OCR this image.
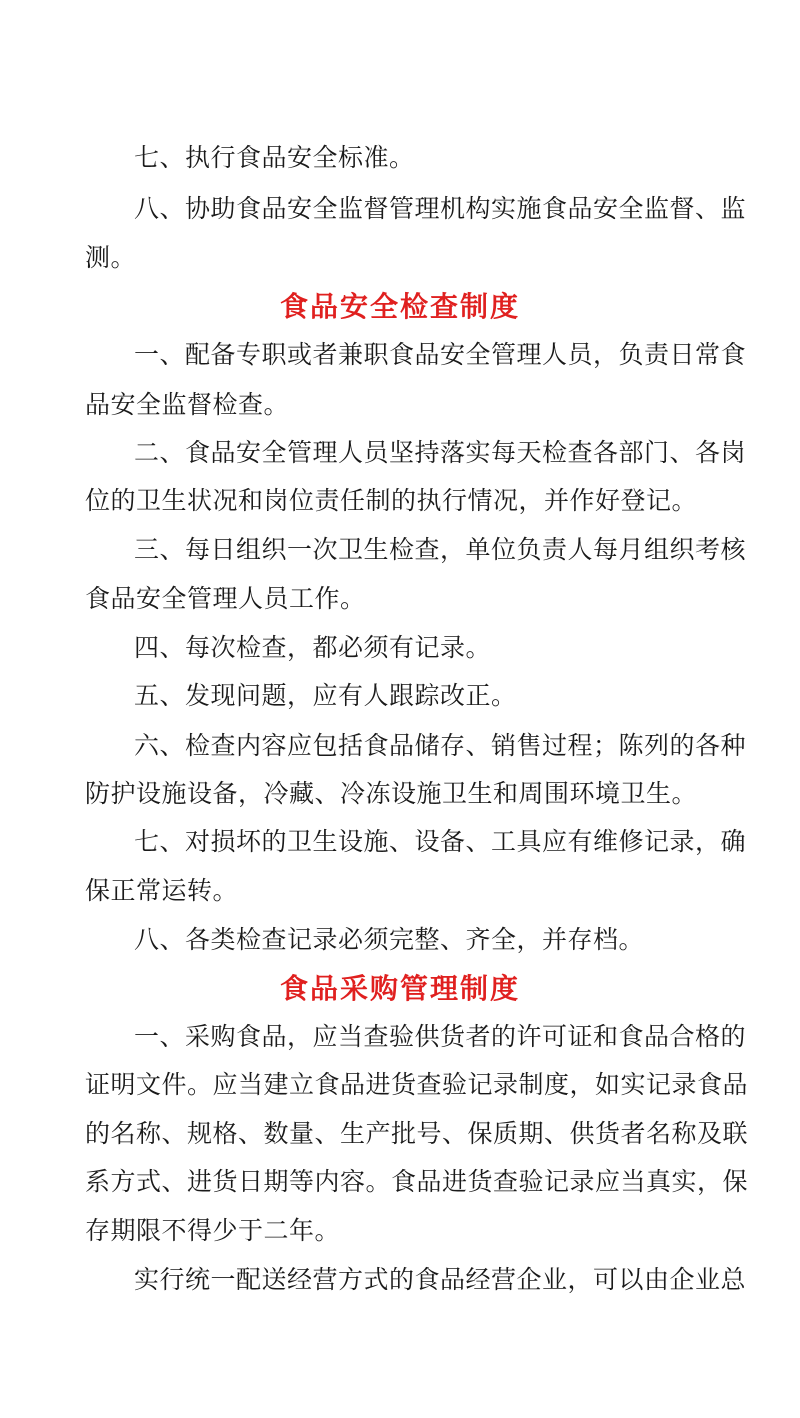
七、执行食品安全标准。
八、协助食品安全监督管理机构实施食品安全监督、监
测。
食品安全检查制度
一、配备专职或者兼职食品安全管理人员，负责日常食
品安全监督检查。
二、食品安全管理人员坚持落实每天检查各部门、各岗
位的卫生状况和岗位责任制的执行情况，并作好登记。
三、每日组织一次卫生检查，单位负责人每月组织考核
食品安全管理人员工作。
四、每次检查，都必须有记录。
五、发现问题，应有人跟踪改正。
六、检查内容应包括食品储存、销售过程；陈列的各种
防护设施设备，冷藏、冷冻设施卫生和周围环境卫生。
七、对损坏的卫生设施、设备、工具应有维修记录，确
保正常运转。
八、各类检查记录必须完整、齐全，并存档。
食品采购管理制度
一、采购食品，应当查验供货者的许可证和食品合格的
证明文件。应当建立食品进货查验记录制度，如实记录食品
的名称、规格、数量、生产批号、保质期、供货者名称及联
系方式、进货日期等内容。食品进货查验记录应当真实，保
存期限不得少于二年。
实行统一配送经营方式的食品经营企业，可以由企业总
